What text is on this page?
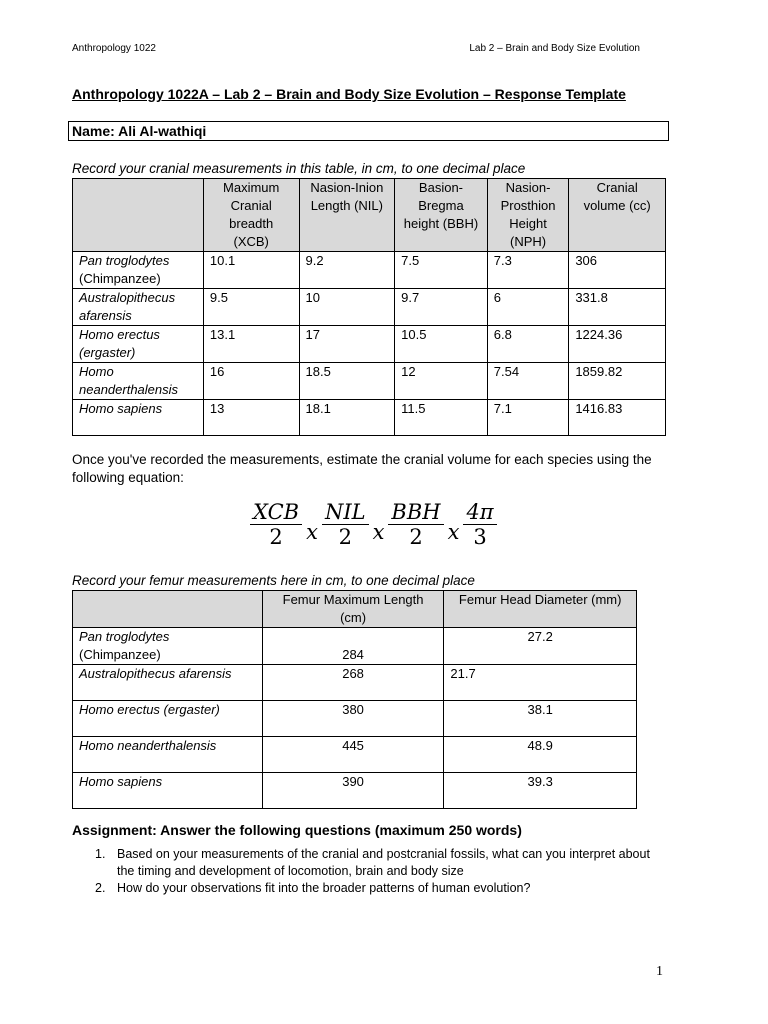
Anthropology 1022	Lab 2 – Brain and Body Size Evolution
Anthropology 1022A – Lab 2 – Brain and Body Size Evolution – Response Template
Name: Ali Al-wathiqi
Record your cranial measurements in this table, in cm, to one decimal place
	Maximum Cranial breadth (XCB)	Nasion-Inion Length (NIL)	Basion-Bregma height (BBH)	Nasion-Prosthion Height (NPH)	Cranial volume (cc)
Pan troglodytes
(Chimpanzee)	10.1	9.2	7.5	7.3	306
Australopithecus afarensis	9.5	10	9.7	6	331.8
Homo erectus
(ergaster)	13.1	17	10.5	6.8	1224.36
Homo neanderthalensis	16	18.5	12	7.54	1859.82
Homo sapiens	13	18.1	11.5	7.1	1416.83
Once you've recorded the measurements, estimate the cranial volume for each species using the following equation:
$\frac{\text{XCB}}{2}$ x $\frac{\text{NIL}}{2}$ x $\frac{\text{BBH}}{2}$ x $\frac{4\pi}{3}$
Record your femur measurements here in cm, to one decimal place
	Femur Maximum Length (cm)	Femur Head Diameter (mm)
Pan troglodytes
(Chimpanzee)	284	27.2
Australopithecus afarensis	268	21.7
Homo erectus (ergaster)	380	38.1
Homo neanderthalensis	445	48.9
Homo sapiens	390	39.3
Assignment: Answer the following questions (maximum 250 words)
1. Based on your measurements of the cranial and postcranial fossils, what can you interpret about the timing and development of locomotion, brain and body size
2. How do your observations fit into the broader patterns of human evolution?
1
